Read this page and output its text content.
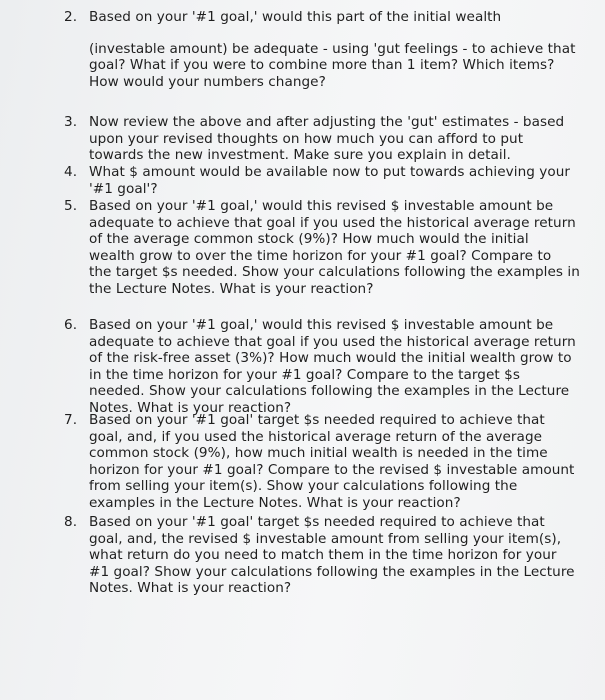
2. Based on your '#1 goal,' would this part of the initial wealth
(investable amount) be adequate - using 'gut feelings - to achieve that
goal? What if you were to combine more than 1 item? Which items?
How would your numbers change?
3. Now review the above and after adjusting the 'gut' estimates - based
upon your revised thoughts on how much you can afford to put
towards the new investment. Make sure you explain in detail.
4. What $ amount would be available now to put towards achieving your
'#1 goal'?
5. Based on your '#1 goal,' would this revised $ investable amount be
adequate to achieve that goal if you used the historical average return
of the average common stock (9%)? How much would the initial
wealth grow to over the time horizon for your #1 goal? Compare to
the target $s needed. Show your calculations following the examples in
the Lecture Notes. What is your reaction?
6. Based on your '#1 goal,' would this revised $ investable amount be
adequate to achieve that goal if you used the historical average return
of the risk-free asset (3%)? How much would the initial wealth grow to
in the time horizon for your #1 goal? Compare to the target $s
needed. Show your calculations following the examples in the Lecture
Notes. What is your reaction?
7. Based on your '#1 goal' target $s needed required to achieve that
goal, and, if you used the historical average return of the average
common stock (9%), how much initial wealth is needed in the time
horizon for your #1 goal? Compare to the revised $ investable amount
from selling your item(s). Show your calculations following the
examples in the Lecture Notes. What is your reaction?
8. Based on your '#1 goal' target $s needed required to achieve that
goal, and, the revised $ investable amount from selling your item(s),
what return do you need to match them in the time horizon for your
#1 goal? Show your calculations following the examples in the Lecture
Notes. What is your reaction?
